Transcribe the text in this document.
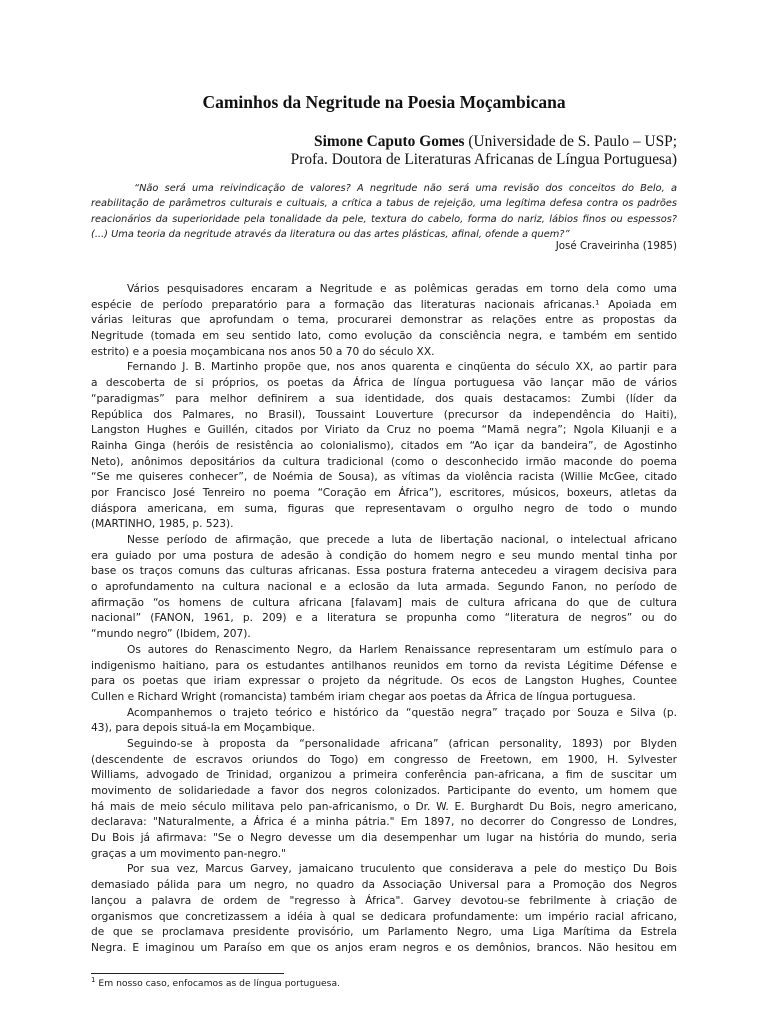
Caminhos da Negritude na Poesia Moçambicana
Simone Caputo Gomes (Universidade de S. Paulo – USP;
Profa. Doutora de Literaturas Africanas de Língua Portuguesa)
“Não será uma reivindicação de valores? A negritude não será uma revisão dos conceitos do Belo, a
reabilitação de parâmetros culturais e cultuais, a crítica a tabus de rejeição, uma legítima defesa contra os padrões
reacionários da superioridade pela tonalidade da pele, textura do cabelo, forma do nariz, lábios finos ou espessos?
(...) Uma teoria da negritude através da literatura ou das artes plásticas, afinal, ofende a quem?”
José Craveirinha (1985)
Vários pesquisadores encaram a Negritude e as polêmicas geradas em torno dela como uma
espécie de período preparatório para a formação das literaturas nacionais africanas.¹ Apoiada em
várias leituras que aprofundam o tema, procurarei demonstrar as relações entre as propostas da
Negritude (tomada em seu sentido lato, como evolução da consciência negra, e também em sentido
estrito) e a poesia moçambicana nos anos 50 a 70 do século XX.
Fernando J. B. Martinho propõe que, nos anos quarenta e cinqüenta do século XX, ao partir para
a descoberta de si próprios, os poetas da África de língua portuguesa vão lançar mão de vários
“paradigmas” para melhor definirem a sua identidade, dos quais destacamos: Zumbi (líder da
República dos Palmares, no Brasil), Toussaint Louverture (precursor da independência do Haiti),
Langston Hughes e Guillén, citados por Viriato da Cruz no poema “Mamã negra”; Ngola Kiluanji e a
Rainha Ginga (heróis de resistência ao colonialismo), citados em “Ao içar da bandeira”, de Agostinho
Neto), anônimos depositários da cultura tradicional (como o desconhecido irmão maconde do poema
“Se me quiseres conhecer”, de Noémia de Sousa), as vítimas da violência racista (Willie McGee, citado
por Francisco José Tenreiro no poema “Coração em África”), escritores, músicos, boxeurs, atletas da
diáspora americana, em suma, figuras que representavam o orgulho negro de todo o mundo
(MARTINHO, 1985, p. 523).
Nesse período de afirmação, que precede a luta de libertação nacional, o intelectual africano
era guiado por uma postura de adesão à condição do homem negro e seu mundo mental tinha por
base os traços comuns das culturas africanas. Essa postura fraterna antecedeu a viragem decisiva para
o aprofundamento na cultura nacional e a eclosão da luta armada. Segundo Fanon, no período de
afirmação “os homens de cultura africana [falavam] mais de cultura africana do que de cultura
nacional” (FANON, 1961, p. 209) e a literatura se propunha como “literatura de negros” ou do
“mundo negro” (Ibidem, 207).
Os autores do Renascimento Negro, da Harlem Renaissance representaram um estímulo para o
indigenismo haitiano, para os estudantes antilhanos reunidos em torno da revista Légitime Défense e
para os poetas que iriam expressar o projeto da négritude. Os ecos de Langston Hughes, Countee
Cullen e Richard Wright (romancista) também iriam chegar aos poetas da África de língua portuguesa.
Acompanhemos o trajeto teórico e histórico da “questão negra” traçado por Souza e Silva (p.
43), para depois situá-la em Moçambique.
Seguindo-se à proposta da “personalidade africana” (african personality, 1893) por Blyden
(descendente de escravos oriundos do Togo) em congresso de Freetown, em 1900, H. Sylvester
Williams, advogado de Trinidad, organizou a primeira conferência pan-africana, a fim de suscitar um
movimento de solidariedade a favor dos negros colonizados. Participante do evento, um homem que
há mais de meio século militava pelo pan-africanismo, o Dr. W. E. Burghardt Du Bois, negro americano,
declarava: "Naturalmente, a África é a minha pátria." Em 1897, no decorrer do Congresso de Londres,
Du Bois já afirmava: "Se o Negro devesse um dia desempenhar um lugar na história do mundo, seria
graças a um movimento pan-negro."
Por sua vez, Marcus Garvey, jamaicano truculento que considerava a pele do mestiço Du Bois
demasiado pálida para um negro, no quadro da Associação Universal para a Promoção dos Negros
lançou a palavra de ordem de "regresso à África". Garvey devotou-se febrilmente à criação de
organismos que concretizassem a idéia à qual se dedicara profundamente: um império racial africano,
de que se proclamava presidente provisório, um Parlamento Negro, uma Liga Marítima da Estrela
Negra. E imaginou um Paraíso em que os anjos eram negros e os demônios, brancos. Não hesitou em
$^1$ Em nosso caso, enfocamos as de língua portuguesa.
